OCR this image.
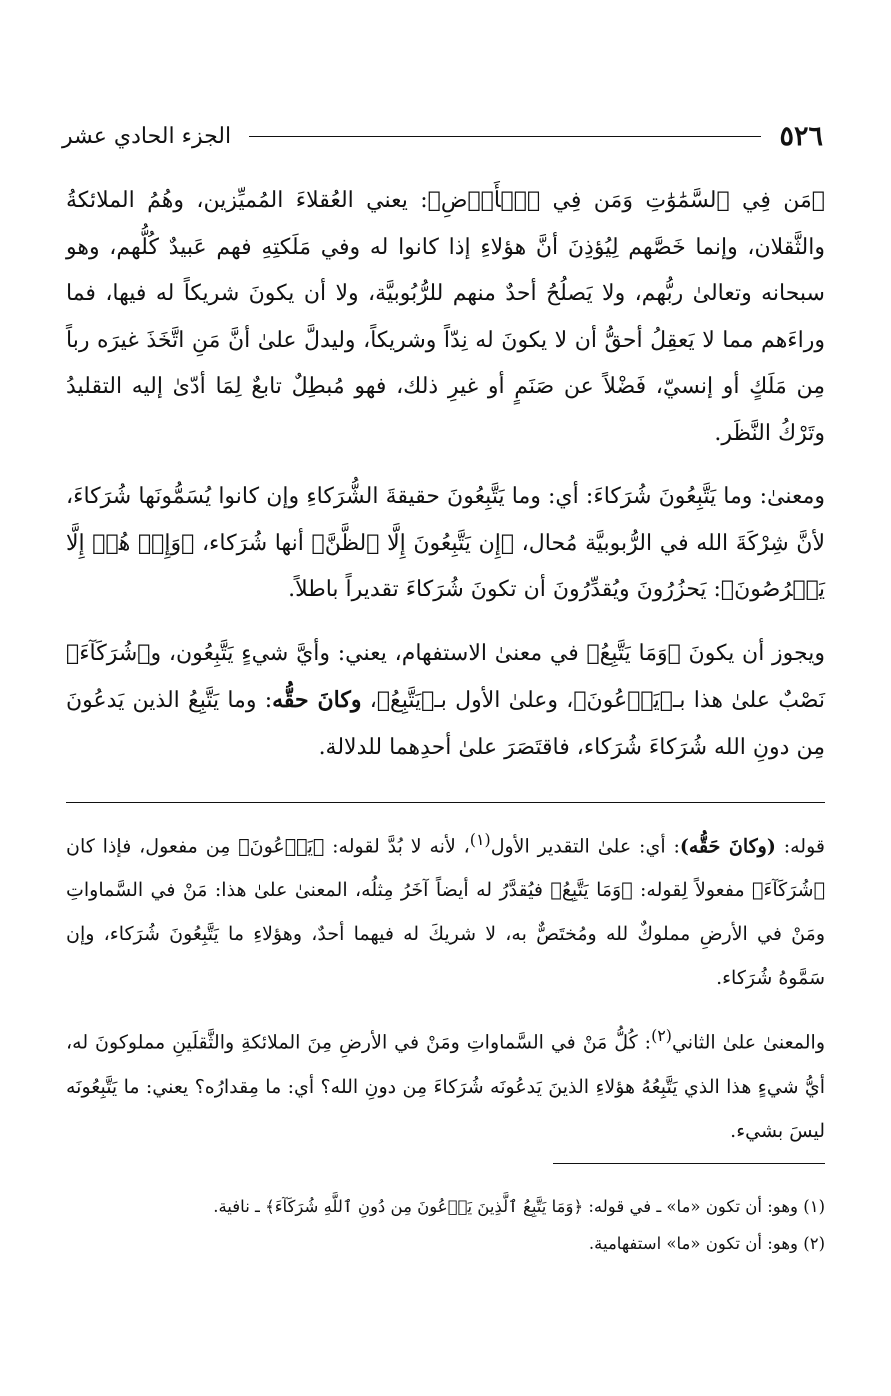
٥٢٦
الجزء الحادي عشر

﴿مَن فِي ٱلسَّمَٰوَٰتِ وَمَن فِي ٱلۡأَرۡضِ﴾: يعني العُقلاءَ المُميِّزين، وهُمُ الملائكةُ والثَّقلان، وإنما خَصَّهم لِيُؤذِنَ أنَّ هؤلاءِ إذا كانوا له وفي مَلَكتِهِ فهم عَبيدٌ كُلُّهم، وهو سبحانه وتعالىٰ ربُّهم، ولا يَصلُحُ أحدٌ منهم للرُّبُوبيَّة، ولا أن يكونَ شريكاً له فيها، فما وراءَهم مما لا يَعقِلُ أحقُّ أن لا يكونَ له نِدّاً وشريكاً، وليدلَّ علىٰ أنَّ مَنِ اتَّخَذَ غيرَه رباً مِن مَلَكٍ أو إنسيّ، فَضْلاً عن صَنَمٍ أو غيرِ ذلك، فهو مُبطِلٌ تابعٌ لِمَا أدّىٰ إليه التقليدُ وتَرْكُ النَّظَر.

ومعنىٰ: وما يَتَّبِعُونَ شُرَكاءَ: أي: وما يَتَّبِعُونَ حقيقةَ الشُّرَكاءِ وإن كانوا يُسَمُّونَها شُرَكاءَ، لأنَّ شِرْكَةَ الله في الرُّبوبيَّة مُحال، ﴿إِن يَتَّبِعُونَ إِلَّا ٱلظَّنَّ﴾ أنها شُرَكاء، ﴿وَإِنۡ هُمۡ إِلَّا يَخۡرُصُونَ﴾: يَحزُرُونَ ويُقدِّرُونَ أن تكونَ شُرَكاءَ تقديراً باطلاً.

ويجوز أن يكونَ ﴿وَمَا يَتَّبِعُ﴾ في معنىٰ الاستفهام، يعني: وأيَّ شيءٍ يَتَّبِعُون، و﴿شُرَكَآءَ﴾ نَصْبٌ علىٰ هذا بـ﴿يَدۡعُونَ﴾، وعلىٰ الأول بـ﴿يَتَّبِعُ﴾، وكانَ حقُّه: وما يَتَّبِعُ الذين يَدعُونَ مِن دونِ الله شُرَكاءَ شُرَكاء، فاقتَصَرَ علىٰ أحدِهما للدلالة.

قوله: (وكانَ حَقُّه): أي: علىٰ التقدير الأول$^{(١)}$، لأنه لا بُدَّ لقوله: ﴿يَدۡعُونَ﴾ مِن مفعول، فإذا كان ﴿شُرَكَآءَ﴾ مفعولاً لِقوله: ﴿وَمَا يَتَّبِعُ﴾ فيُقدَّرُ له أيضاً آخَرُ مِثلُه، المعنىٰ علىٰ هذا: مَنْ في السَّماواتِ ومَنْ في الأرضِ مملوكٌ لله ومُختَصٌّ به، لا شريكَ له فيهما أحدٌ، وهؤلاءِ ما يَتَّبِعُونَ شُرَكاء، وإن سَمَّوهُ شُرَكاء.

والمعنىٰ علىٰ الثاني$^{(٢)}$: كُلُّ مَنْ في السَّماواتِ ومَنْ في الأرضِ مِنَ الملائكةِ والثَّقلَينِ مملوكونَ له، أيُّ شيءٍ هذا الذي يَتَّبِعُهُ هؤلاءِ الذينَ يَدعُونَه شُرَكاءَ مِن دونِ الله؟ أي: ما مِقدارُه؟ يعني: ما يَتَّبِعُونَه ليسَ بشيء.

(١) وهو: أن تكون «ما» ـ في قوله: ﴿وَمَا يَتَّبِعُ ٱلَّذِينَ يَدۡعُونَ مِن دُونِ ٱللَّهِ شُرَكَآءَ﴾ ـ نافية.
(٢) وهو: أن تكون «ما» استفهامية.
